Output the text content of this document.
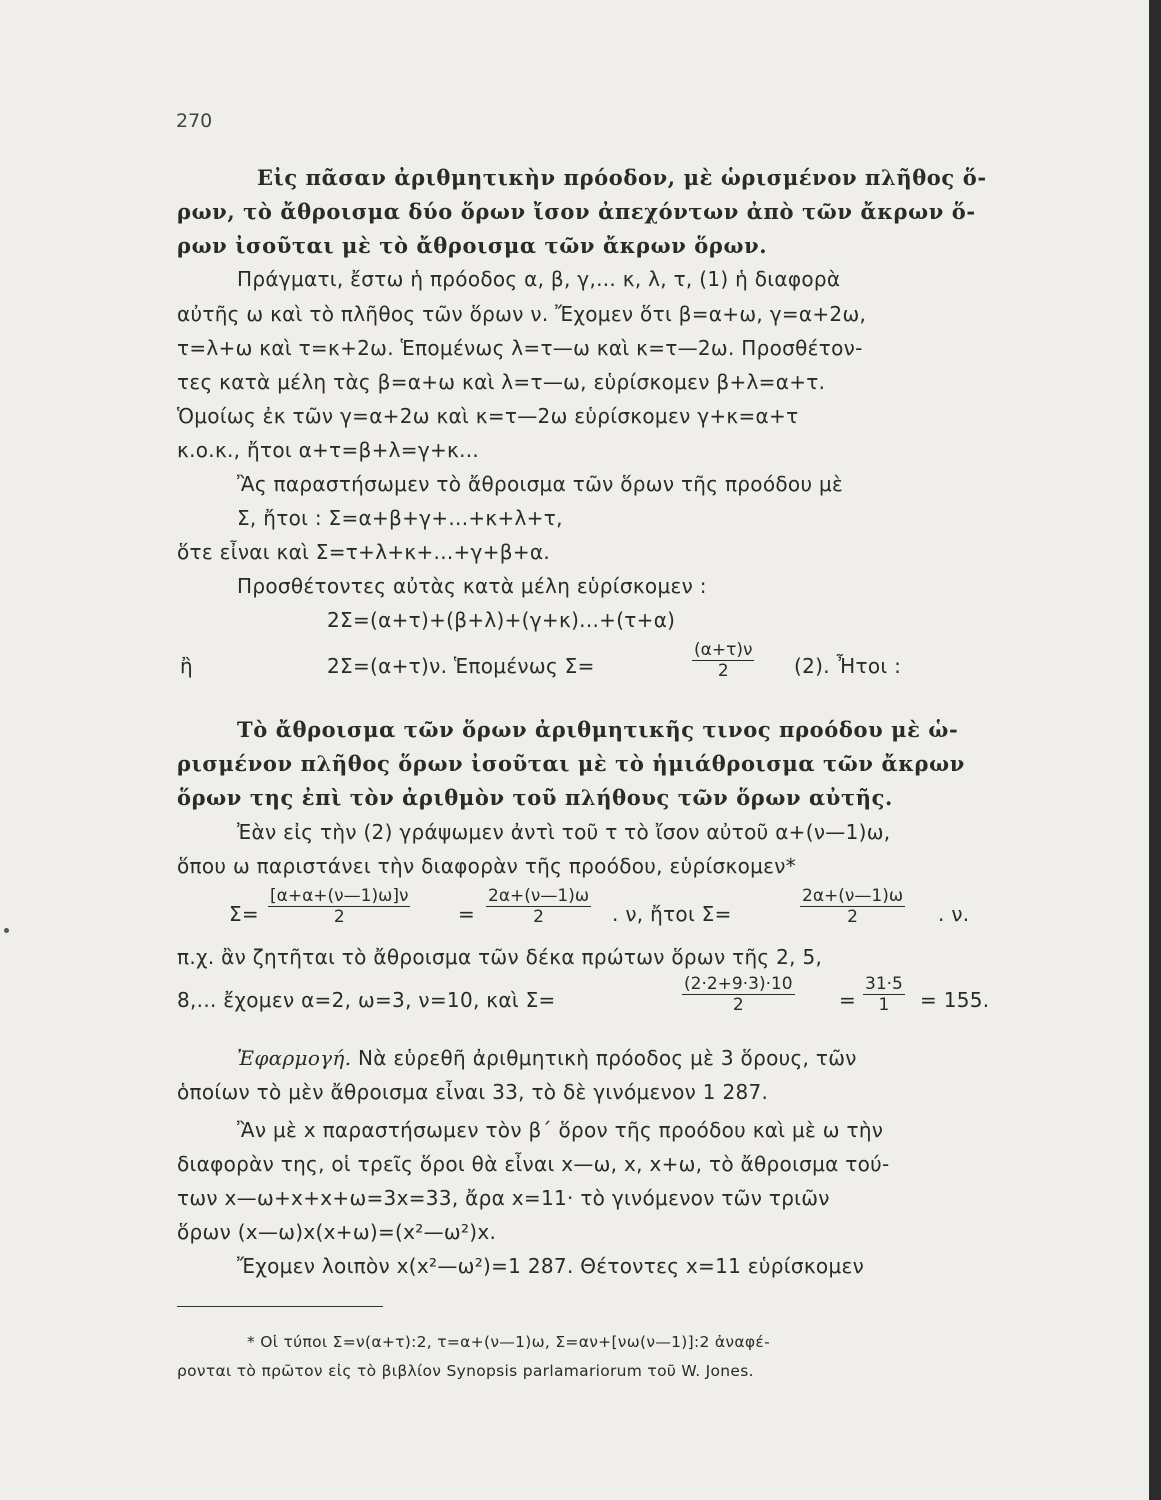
270
Εἰς πᾶσαν ἀριθμητικὴν πρόοδον, μὲ ὡρισμένον πλῆθος ὅ-
ρων, τὸ ἄθροισμα δύο ὅρων ἴσον ἀπεχόντων ἀπὸ τῶν ἄκρων ὅ-
ρων ἰσοῦται μὲ τὸ ἄθροισμα τῶν ἄκρων ὅρων.
Πράγματι, ἔστω ἡ πρόοδος α, β, γ,... κ, λ, τ, (1) ἡ διαφορὰ
αὐτῆς ω καὶ τὸ πλῆθος τῶν ὅρων ν. Ἔχομεν ὅτι β=α+ω, γ=α+2ω,
τ=λ+ω καὶ τ=κ+2ω. Ἑπομένως λ=τ—ω καὶ κ=τ—2ω. Προσθέτον-
τες κατὰ μέλη τὰς β=α+ω καὶ λ=τ—ω, εὑρίσκομεν β+λ=α+τ.
Ὁμοίως ἐκ τῶν γ=α+2ω καὶ κ=τ—2ω εὑρίσκομεν γ+κ=α+τ
κ.ο.κ., ἤτοι α+τ=β+λ=γ+κ...
Ἂς παραστήσωμεν τὸ ἄθροισμα τῶν ὅρων τῆς προόδου μὲ
Σ, ἤτοι : Σ=α+β+γ+...+κ+λ+τ,
ὅτε εἶναι καὶ Σ=τ+λ+κ+...+γ+β+α.
Προσθέτοντες αὐτὰς κατὰ μέλη εὑρίσκομεν :
2Σ=(α+τ)+(β+λ)+(γ+κ)...+(τ+α)
ἢ	2Σ=(α+τ)ν. Ἑπομένως Σ=	$\frac{(\alpha+\tau)\nu}{2} (2)$. Ἦτοι :
Τὸ ἄθροισμα τῶν ὅρων ἀριθμητικῆς τινος προόδου μὲ ὡ-
ρισμένον πλῆθος ὅρων ἰσοῦται μὲ τὸ ἡμιάθροισμα τῶν ἄκρων
ὅρων της ἐπὶ τὸν ἀριθμὸν τοῦ πλήθους τῶν ὅρων αὐτῆς.
Ἐὰν εἰς τὴν (2) γράψωμεν ἀντὶ τοῦ τ τὸ ἴσον αὐτοῦ α+(ν—1)ω,
ὅπου ω παριστάνει τὴν διαφορὰν τῆς προόδου, εὑρίσκομεν*
$\Sigma= \frac{[\alpha+\alpha+(\nu—1)\omega]\nu}{2} = \frac{2\alpha+(\nu—1)\omega}{2}$ . ν, ἤτοι Σ=	$\frac{2\alpha+(\nu—1)\omega}{2}$ . ν.
π.χ. ἂν ζητῆται τὸ ἄθροισμα τῶν δέκα πρώτων ὅρων τῆς 2, 5,
8,... ἔχομεν α=2, ω=3, ν=10, καὶ Σ=	$\frac{(2\cdot 2+9\cdot 3)\cdot 10}{2} = \frac{31\cdot 5}{1} = 155$.
Ἐφαρμογή. Νὰ εὑρεθῆ ἀριθμητικὴ πρόοδος μὲ 3 ὅρους, τῶν
ὁποίων τὸ μὲν ἄθροισμα εἶναι 33, τὸ δὲ γινόμενον 1 287.
Ἂν μὲ x παραστήσωμεν τὸν β΄ ὅρον τῆς προόδου καὶ μὲ ω τὴν
διαφορὰν της, οἱ τρεῖς ὅροι θὰ εἶναι x—ω, x, x+ω, τὸ ἄθροισμα τού-
των x—ω+x+x+ω=3x=33, ἄρα x=11· τὸ γινόμενον τῶν τριῶν
ὅρων (x—ω)x(x+ω)=(x²—ω²)x.
Ἔχομεν λοιπὸν x(x²—ω²)=1 287. Θέτοντες x=11 εὑρίσκομεν
* Οἱ τύποι Σ=ν(α+τ):2, τ=α+(ν—1)ω, Σ=αν+[νω(ν—1)]:2 ἀναφέ-
ρονται τὸ πρῶτον εἰς τὸ βιβλίον Synopsis parlamariorum τοῦ W. Jones.
